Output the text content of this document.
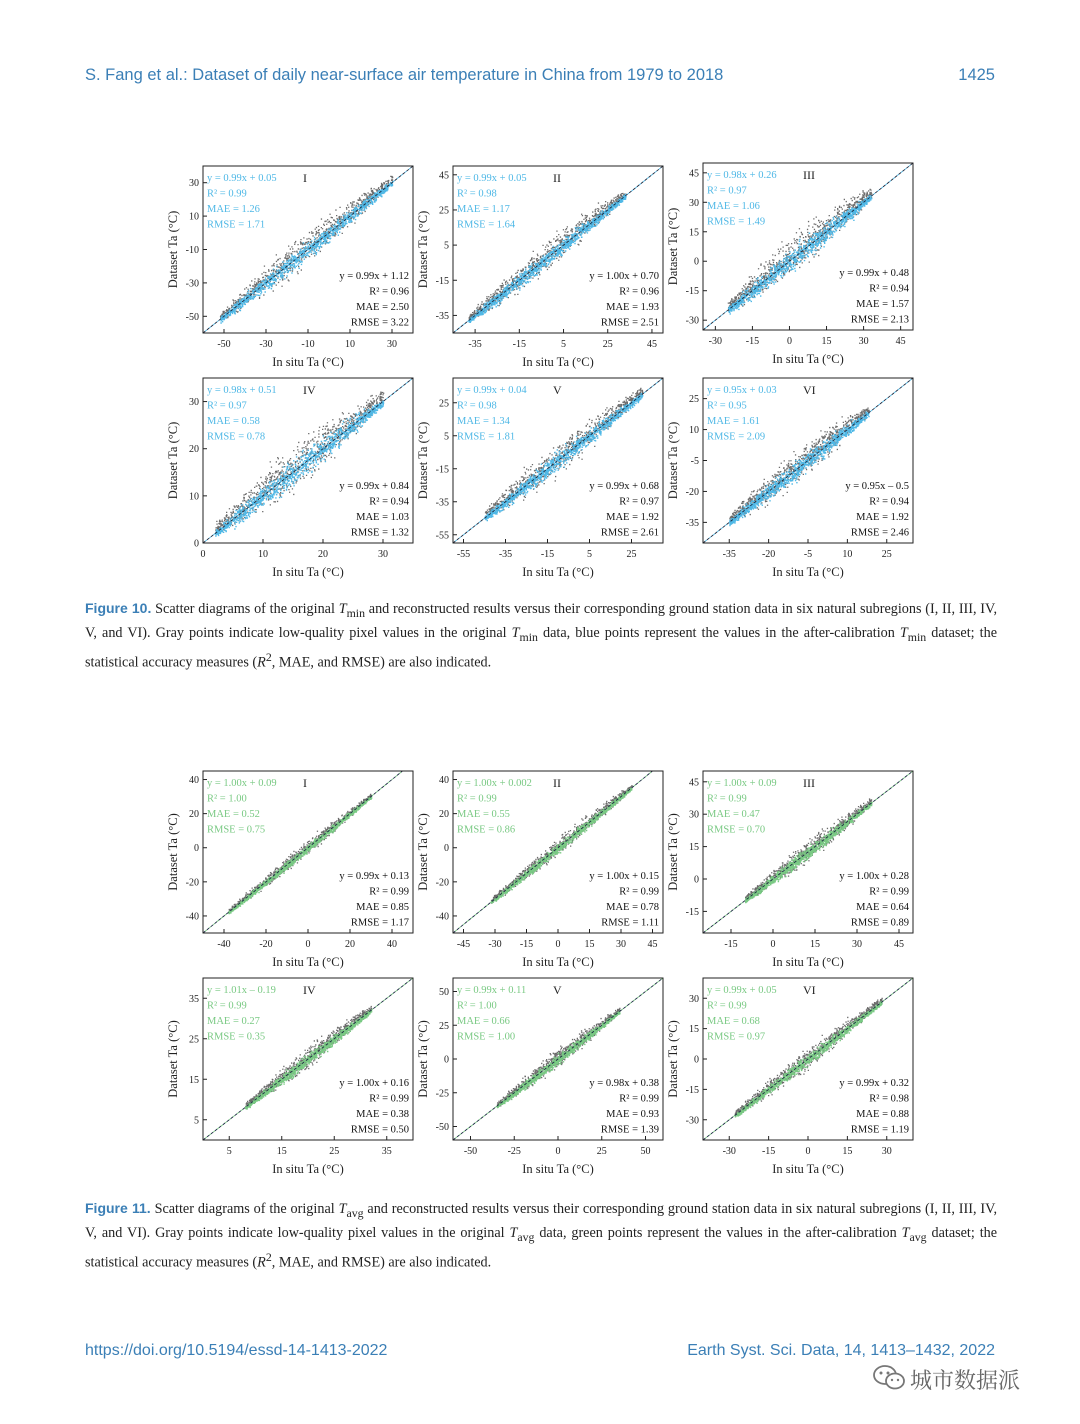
S. Fang et al.: Dataset of daily near-surface air temperature in China from 1979 to 2018	1425
-50	-30	-10	10	30
-50
-30
-10
10
30
In situ Ta (°C)
Dataset Ta (°C)
I
y = 0.99x + 0.05
R² = 0.99
MAE = 1.26
RMSE = 1.71
y = 0.99x + 1.12
R² = 0.96
MAE = 2.50
RMSE = 3.22
-35	-15	5	25	45
-35
-15
5
25
45
In situ Ta (°C)
Dataset Ta (°C)
II
y = 0.99x + 0.05
R² = 0.98
MAE = 1.17
RMSE = 1.64
y = 1.00x + 0.70
R² = 0.96
MAE = 1.93
RMSE = 2.51
-30 -15	0	15	30	45
-30
-15
0
15
30
45
In situ Ta (°C)
Dataset Ta (°C)
III
y = 0.98x + 0.26
R² = 0.97
MAE = 1.06
RMSE = 1.49
y = 0.99x + 0.48
R² = 0.94
MAE = 1.57
RMSE = 2.13
0	10	20	30
0
10
20
30
In situ Ta (°C)
Dataset Ta (°C)
IV
y = 0.98x + 0.51
R² = 0.97
MAE = 0.58
RMSE = 0.78
y = 0.99x + 0.84
R² = 0.94
MAE = 1.03
RMSE = 1.32
-55	-35	-15	5	25
-55
-35
-15
5
25
In situ Ta (°C)
Dataset Ta (°C)
V
y = 0.99x + 0.04
R² = 0.98
MAE = 1.34
RMSE = 1.81
y = 0.99x + 0.68
R² = 0.97
MAE = 1.92
RMSE = 2.61
-35	-20	-5	10	25
-35
-20
-5
10
25
In situ Ta (°C)
Dataset Ta (°C)
VI
y = 0.95x + 0.03
R² = 0.95
MAE = 1.61
RMSE = 2.09
y = 0.95x – 0.5
R² = 0.94
MAE = 1.92
RMSE = 2.46
Figure 10. Scatter diagrams of the original $T_{min}$ and reconstructed results versus their corresponding ground station data in six natural subregions (I, II, III, IV, V, and VI). Gray points indicate low-quality pixel values in the original $T_{min}$ data, blue points represent the values in the after-calibration $T_{min}$ dataset; the statistical accuracy measures ($R^2$, MAE, and RMSE) are also indicated.
-40	-20	0	20	40
-40
-20
0
20
40
In situ Ta (°C)
Dataset Ta (°C)
I
y = 1.00x + 0.09
R² = 1.00
MAE = 0.52
RMSE = 0.75
y = 0.99x + 0.13
R² = 0.99
MAE = 0.85
RMSE = 1.17
-45 -30 -15 0 15 30 45
-40
-20
0
20
40
In situ Ta (°C)
Dataset Ta (°C)
II
y = 1.00x + 0.002
R² = 0.99
MAE = 0.55
RMSE = 0.86
y = 1.00x + 0.15
R² = 0.99
MAE = 0.78
RMSE = 1.11
-15	0	15	30	45
-15
0
15
30
45
In situ Ta (°C)
Dataset Ta (°C)
III
y = 1.00x + 0.09
R² = 0.99
MAE = 0.47
RMSE = 0.70
y = 1.00x + 0.28
R² = 0.99
MAE = 0.64
RMSE = 0.89
5	15	25	35
5
15
25
35
In situ Ta (°C)
Dataset Ta (°C)
IV
y = 1.01x – 0.19
R² = 0.99
MAE = 0.27
RMSE = 0.35
y = 1.00x + 0.16
R² = 0.99
MAE = 0.38
RMSE = 0.50
-50	-25	0	25	50
-50
-25
0
25
50
In situ Ta (°C)
Dataset Ta (°C)
V
y = 0.99x + 0.11
R² = 1.00
MAE = 0.66
RMSE = 1.00
y = 0.98x + 0.38
R² = 0.99
MAE = 0.93
RMSE = 1.39
-30	-15	0	15	30
-30
-15
0
15
30
In situ Ta (°C)
Dataset Ta (°C)
VI
y = 0.99x + 0.05
R² = 0.99
MAE = 0.68
RMSE = 0.97
y = 0.99x + 0.32
R² = 0.98
MAE = 0.88
RMSE = 1.19
Figure 11. Scatter diagrams of the original $T_{avg}$ and reconstructed results versus their corresponding ground station data in six natural subregions (I, II, III, IV, V, and VI). Gray points indicate low-quality pixel values in the original $T_{avg}$ data, green points represent the values in the after-calibration $T_{avg}$ dataset; the statistical accuracy measures ($R^2$, MAE, and RMSE) are also indicated.
https://doi.org/10.5194/essd-14-1413-2022	Earth Syst. Sci. Data, 14, 1413–1432, 2022
城市数据派
